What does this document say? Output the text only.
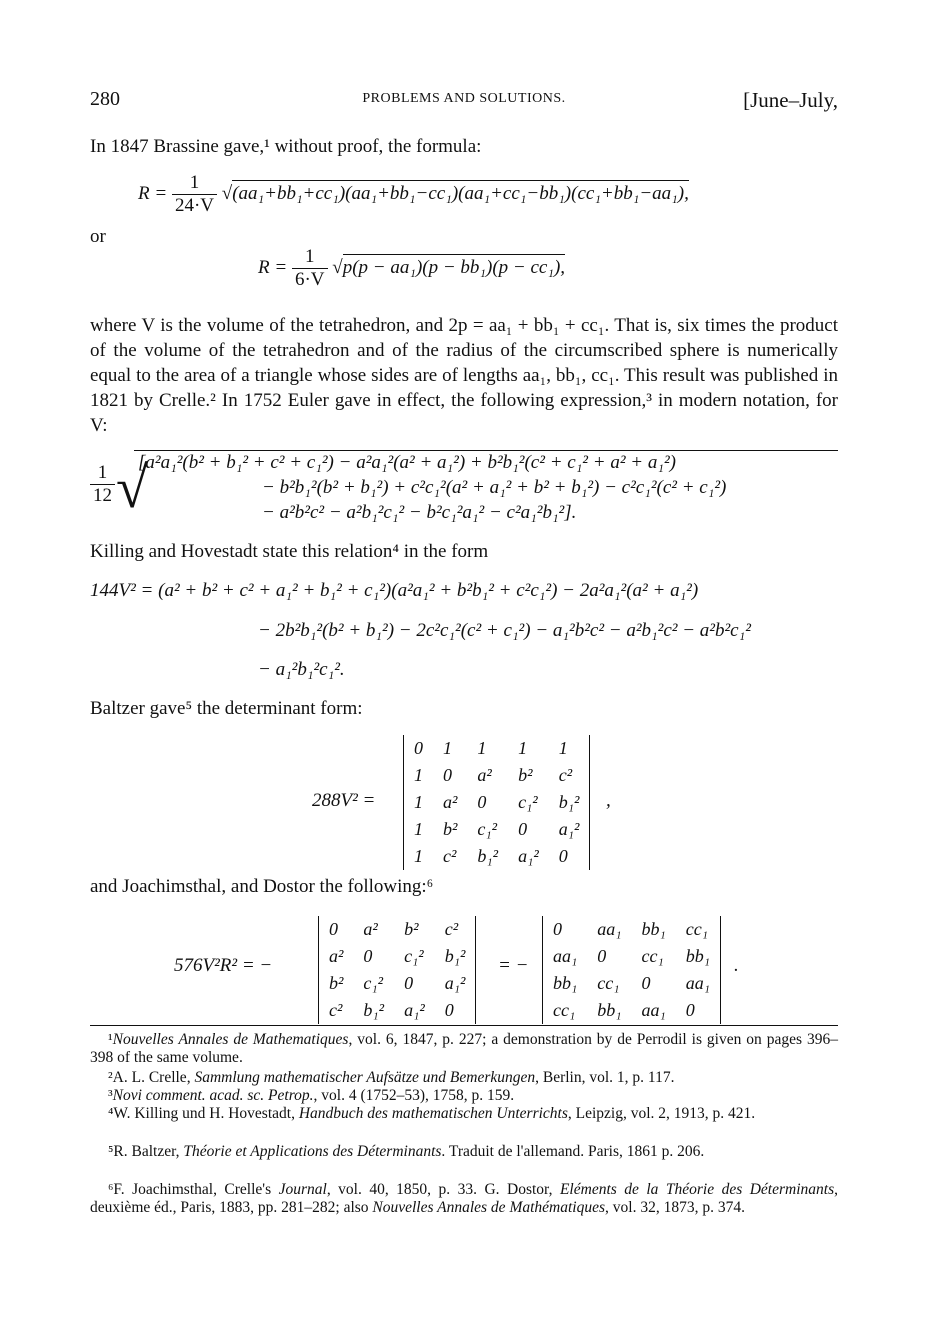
280	PROBLEMS AND SOLUTIONS.	[June–July,
In 1847 Brassine gave,¹ without proof, the formula:
$R = \frac{1}{24\cdot V} √(aa_1+bb_1+cc_1)(aa_1+bb_1-cc_1)(aa_1+cc_1-bb_1)(cc_1+bb_1-aa_1)$,
or
$R = \frac{1}{6\cdot V} √p(p - aa_1)(p - bb_1)(p - cc_1)$,
where V is the volume of the tetrahedron, and 2p = aa₁ + bb₁ + cc₁. That is, six times the product of the volume of the tetrahedron and of the radius of the circumscribed sphere is numerically equal to the area of a triangle whose sides are of lengths aa₁, bb₁, cc₁. This result was published in 1821 by Crelle.² In 1752 Euler gave in effect, the following expression,³ in modern notation, for V:
$\frac{1}{12}$ √
[a²a₁²(b² + b₁² + c² + c₁²) − a²a₁²(a² + a₁²) + b²b₁²(c² + c₁² + a² + a₁²)
− b²b₁²(b² + b₁²) + c²c₁²(a² + a₁² + b² + b₁²) − c²c₁²(c² + c₁²)
− a²b²c² − a²b₁²c₁² − b²c₁²a₁² − c²a₁²b₁²].
Killing and Hovestadt state this relation⁴ in the form
144V² = (a² + b² + c² + a₁² + b₁² + c₁²)(a²a₁² + b²b₁² + c²c₁²) − 2a²a₁²(a² + a₁²)
− 2b²b₁²(b² + b₁²) − 2c²c₁²(c² + c₁²) − a₁²b²c² − a²b₁²c² − a²b²c₁²
− a₁²b₁²c₁².
Baltzer gave⁵ the determinant form:
288V² =
0	1	1	1	1
1	0	a²	b²	c²
1	a²	0	c₁²	b₁²
1	b²	c₁²	0	a₁²
1	c²	b₁²	a₁²	0
,
and Joachimsthal, and Dostor the following:⁶
576V²R² = −
0	a²	b²	c²
a²	0	c₁²	b₁²
b²	c₁²	0	a₁²
c²	b₁²	a₁²	0
= −
0	aa₁	bb₁	cc₁
aa₁	0	cc₁	bb₁
bb₁	cc₁	0	aa₁
cc₁	bb₁	aa₁	0
.
¹Nouvelles Annales de Mathematiques, vol. 6, 1847, p. 227; a demonstration by de Perrodil is given on pages 396–398 of the same volume.
²A. L. Crelle, Sammlung mathematischer Aufsätze und Bemerkungen, Berlin, vol. 1, p. 117.
³Novi comment. acad. sc. Petrop., vol. 4 (1752–53), 1758, p. 159.
⁴W. Killing und H. Hovestadt, Handbuch des mathematischen Unterrichts, Leipzig, vol. 2, 1913, p. 421.
⁵R. Baltzer, Théorie et Applications des Déterminants. Traduit de l'allemand. Paris, 1861 p. 206.
⁶F. Joachimsthal, Crelle's Journal, vol. 40, 1850, p. 33. G. Dostor, Eléments de la Théorie des Déterminants, deuxième éd., Paris, 1883, pp. 281–282; also Nouvelles Annales de Mathématiques, vol. 32, 1873, p. 374.
